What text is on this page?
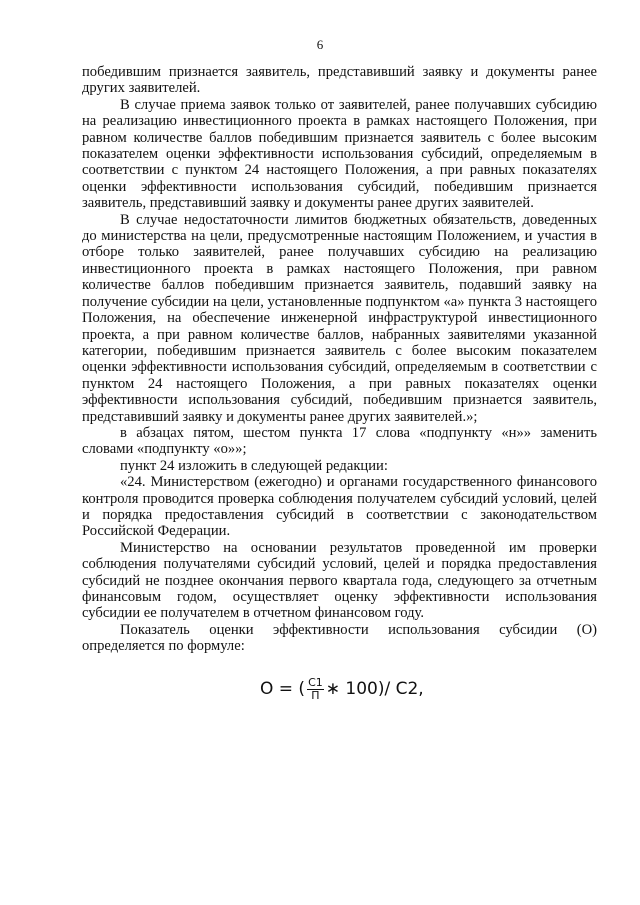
6

победившим признается заявитель, представивший заявку и документы ранее других заявителей.

В случае приема заявок только от заявителей, ранее получавших субсидию на реализацию инвестиционного проекта в рамках настоящего Положения, при равном количестве баллов победившим признается заявитель с более высоким показателем оценки эффективности использования субсидий, определяемым в соответствии с пунктом 24 настоящего Положения, а при равных показателях оценки эффективности использования субсидий, победившим признается заявитель, представивший заявку и документы ранее других заявителей.

В случае недостаточности лимитов бюджетных обязательств, доведенных до министерства на цели, предусмотренные настоящим Положением, и участия в отборе только заявителей, ранее получавших субсидию на реализацию инвестиционного проекта в рамках настоящего Положения, при равном количестве баллов победившим признается заявитель, подавший заявку на получение субсидии на цели, установленные подпунктом «а» пункта 3 настоящего Положения, на обеспечение инженерной инфраструктурой инвестиционного проекта, а при равном количестве баллов, набранных заявителями указанной категории, победившим признается заявитель с более высоким показателем оценки эффективности использования субсидий, определяемым в соответствии с пунктом 24 настоящего Положения, а при равных показателях оценки эффективности использования субсидий, победившим признается заявитель, представивший заявку и документы ранее других заявителей.»;

в абзацах пятом, шестом пункта 17 слова «подпункту «н»» заменить словами «подпункту «о»»;

пункт 24 изложить в следующей редакции:

«24. Министерством (ежегодно) и органами государственного финансового контроля проводится проверка соблюдения получателем субсидий условий, целей и порядка предоставления субсидий в соответствии с законодательством Российской Федерации.

Министерство на основании результатов проведенной им проверки соблюдения получателями субсидий условий, целей и порядка предоставления субсидий не позднее окончания первого квартала года, следующего за отчетным финансовым годом, осуществляет оценку эффективности использования субсидии ее получателем в отчетном финансовом году.

Показатель оценки эффективности использования субсидии (О) определяется по формуле:

О = ( $\frac{С1}{П}$ ∗ 100)/ С2,
